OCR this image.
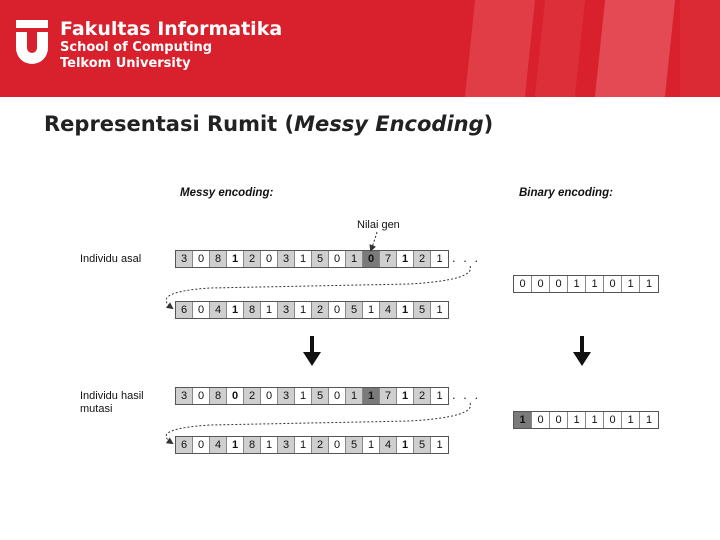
Fakultas Informatika
School of Computing
Telkom University
Representasi Rumit (Messy Encoding)
Messy encoding:	Binary encoding:
Nilai gen
Individu asal
Individu hasil
mutasi
3 0 8 1 2 0 3 1 5 0 1 0 7 1 2	1 . . .
6 0 4 1 8 1 3 1 2 0 5 1 4 1 5	1
3 0 8 0 2 0 3 1 5 0 1 1 7 1 2	1 . . .
6 0 4 1 8 1 3 1 2 0 5 1 4 1 5	1
0	0	0	1	1	0	1	1
1	0	0	1	1	0	1	1
